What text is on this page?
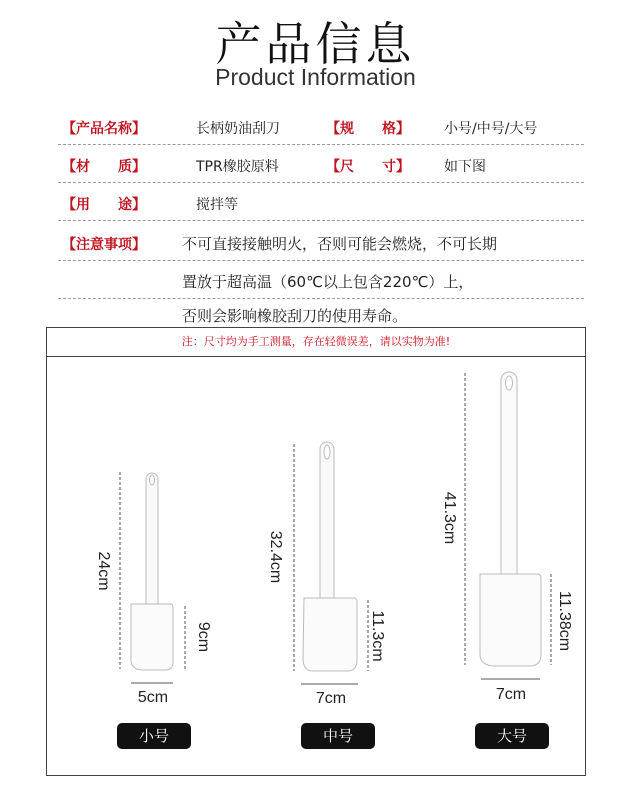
产品信息
Product Information
【产品名称】	长柄奶油刮刀	【规　　格】 小号/中号/大号
【材　　质】	TPR橡胶原料	【尺　　寸】 如下图
【用　　途】	搅拌等
【注意事项】 不可直接接触明火，否则可能会燃烧，不可长期
置放于超高温（60℃以上包含220℃）上，
否则会影响橡胶刮刀的使用寿命。
注：尺寸均为手工测量，存在轻微误差，请以实物为准!
24cm
9cm
5cm
32.4cm
11.3cm
7cm
41.3cm
11.38cm
7cm
小号	中号	大号
